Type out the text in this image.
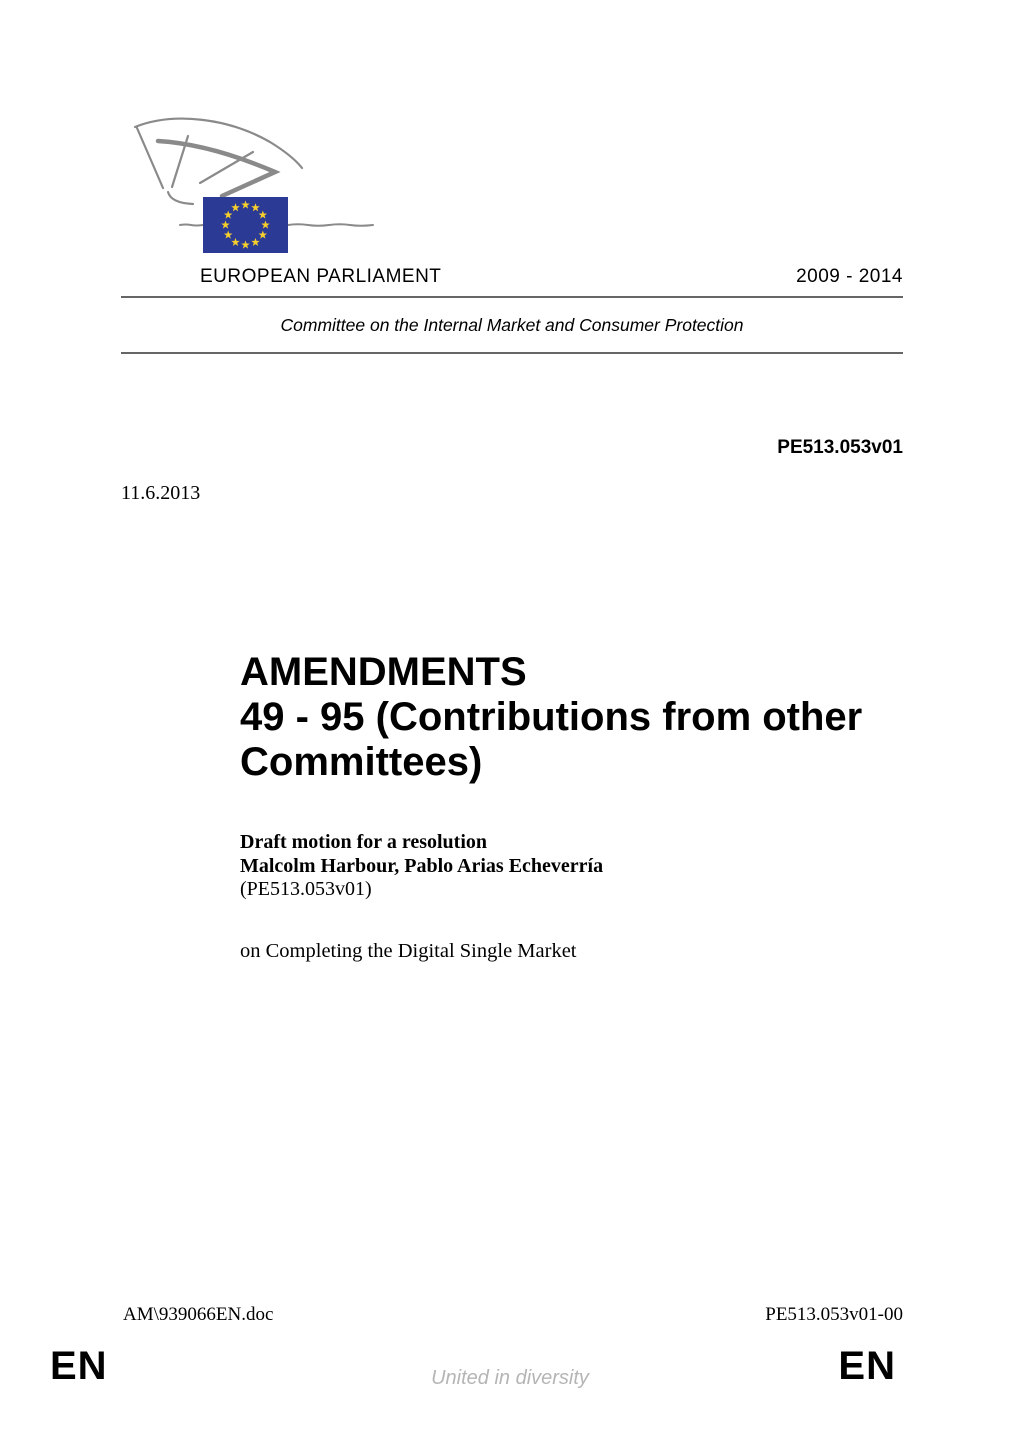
EUROPEAN PARLIAMENT	2009 - 2014
Committee on the Internal Market and Consumer Protection
PE513.053v01
11.6.2013
AMENDMENTS
49 - 95 (Contributions from other
Committees)
Draft motion for a resolution
Malcolm Harbour, Pablo Arias Echeverría
(PE513.053v01)
on Completing the Digital Single Market
AM\939066EN.doc	PE513.053v01-00
EN	United in diversity	EN
